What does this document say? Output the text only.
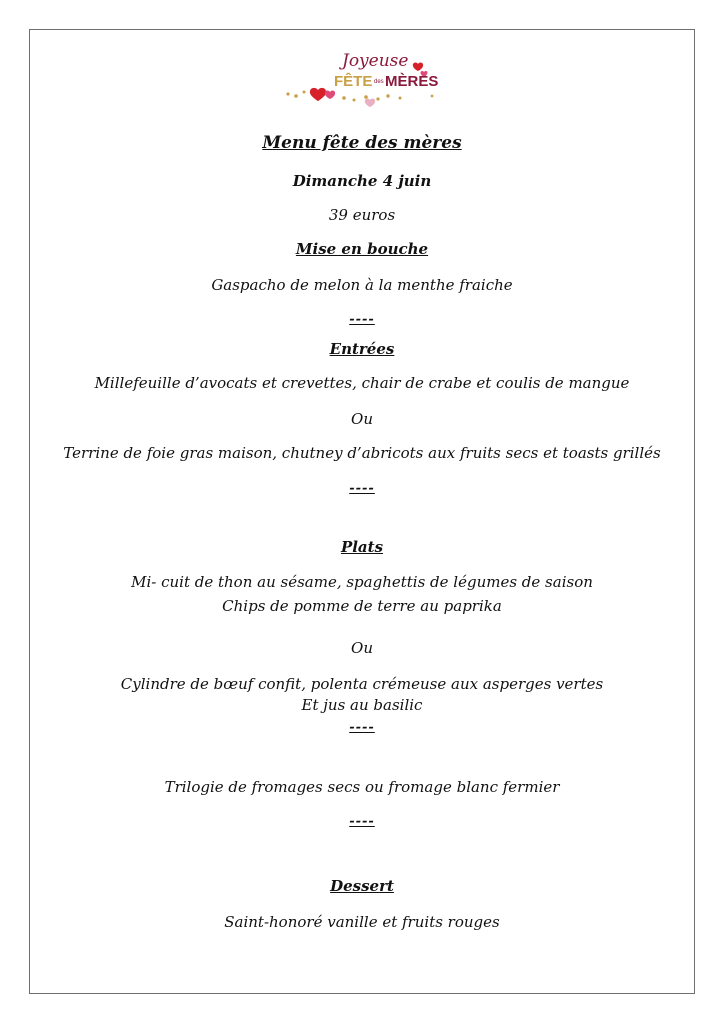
Joyeuse
FÊTE des MÈRES
Menu fête des mères
Dimanche 4 juin
39 euros
Mise en bouche
Gaspacho de melon à la menthe fraiche
----
Entrées
Millefeuille d’avocats et crevettes, chair de crabe et coulis de mangue
Ou
Terrine de foie gras maison, chutney d’abricots aux fruits secs et toasts grillés
----
Plats
Mi- cuit de thon au sésame, spaghettis de légumes de saison
Chips de pomme de terre au paprika
Ou
Cylindre de bœuf confit, polenta crémeuse aux asperges vertes
Et jus au basilic
----
Trilogie de fromages secs ou fromage blanc fermier
----
Dessert
Saint-honoré vanille et fruits rouges
